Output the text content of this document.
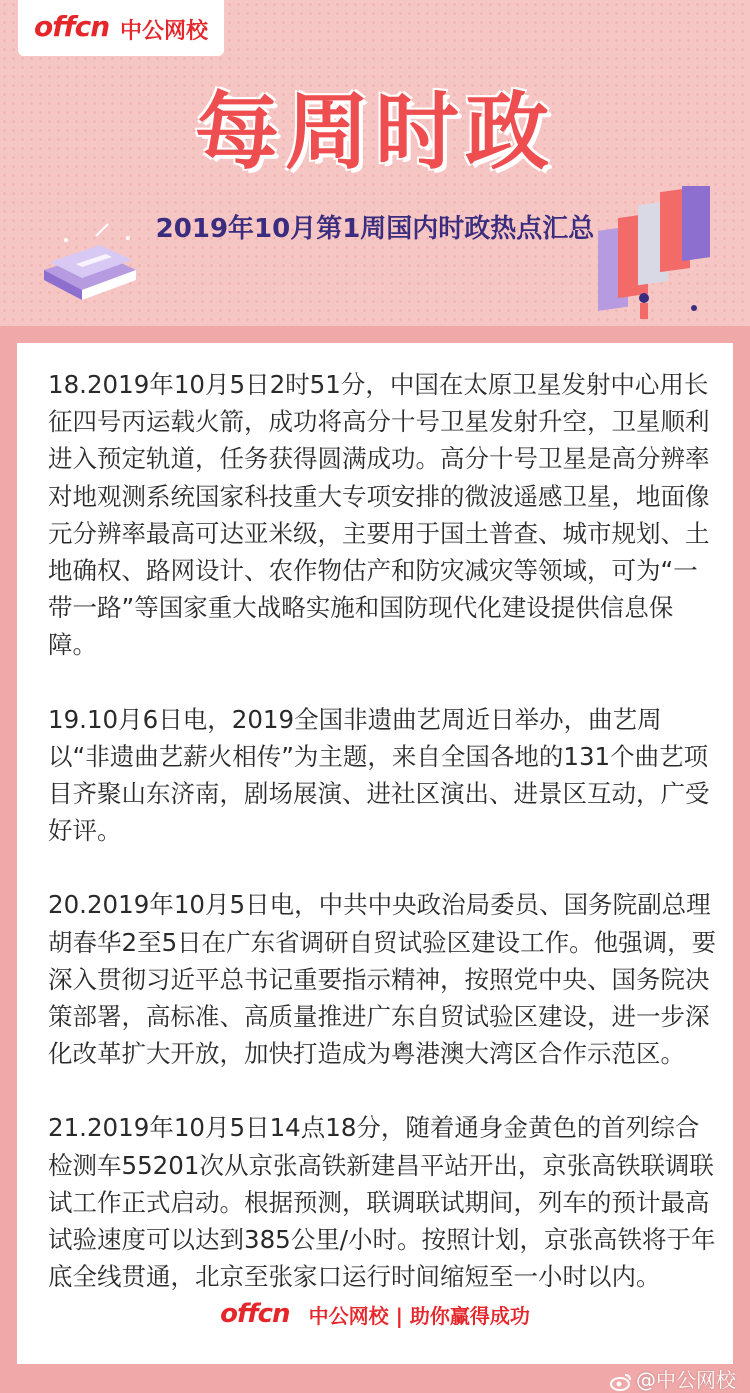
offcn 中公网校
每周时政
2019年10月第1周国内时政热点汇总

18.2019年10月5日2时51分，中国在太原卫星发射中心用长征四号丙运载火箭，成功将高分十号卫星发射升空，卫星顺利进入预定轨道，任务获得圆满成功。高分十号卫星是高分辨率对地观测系统国家科技重大专项安排的微波遥感卫星，地面像元分辨率最高可达亚米级，主要用于国土普查、城市规划、土地确权、路网设计、农作物估产和防灾减灾等领域，可为“一带一路”等国家重大战略实施和国防现代化建设提供信息保障。

19.10月6日电，2019全国非遗曲艺周近日举办，曲艺周以“非遗曲艺薪火相传”为主题，来自全国各地的131个曲艺项目齐聚山东济南，剧场展演、进社区演出、进景区互动，广受好评。

20.2019年10月5日电，中共中央政治局委员、国务院副总理胡春华2至5日在广东省调研自贸试验区建设工作。他强调，要深入贯彻习近平总书记重要指示精神，按照党中央、国务院决策部署，高标准、高质量推进广东自贸试验区建设，进一步深化改革扩大开放，加快打造成为粤港澳大湾区合作示范区。

21.2019年10月5日14点18分，随着通身金黄色的首列综合检测车55201次从京张高铁新建昌平站开出，京张高铁联调联试工作正式启动。根据预测，联调联试期间，列车的预计最高试验速度可以达到385公里/小时。按照计划，京张高铁将于年底全线贯通，北京至张家口运行时间缩短至一小时以内。

offcn 中公网校 | 助你赢得成功
@中公网校
